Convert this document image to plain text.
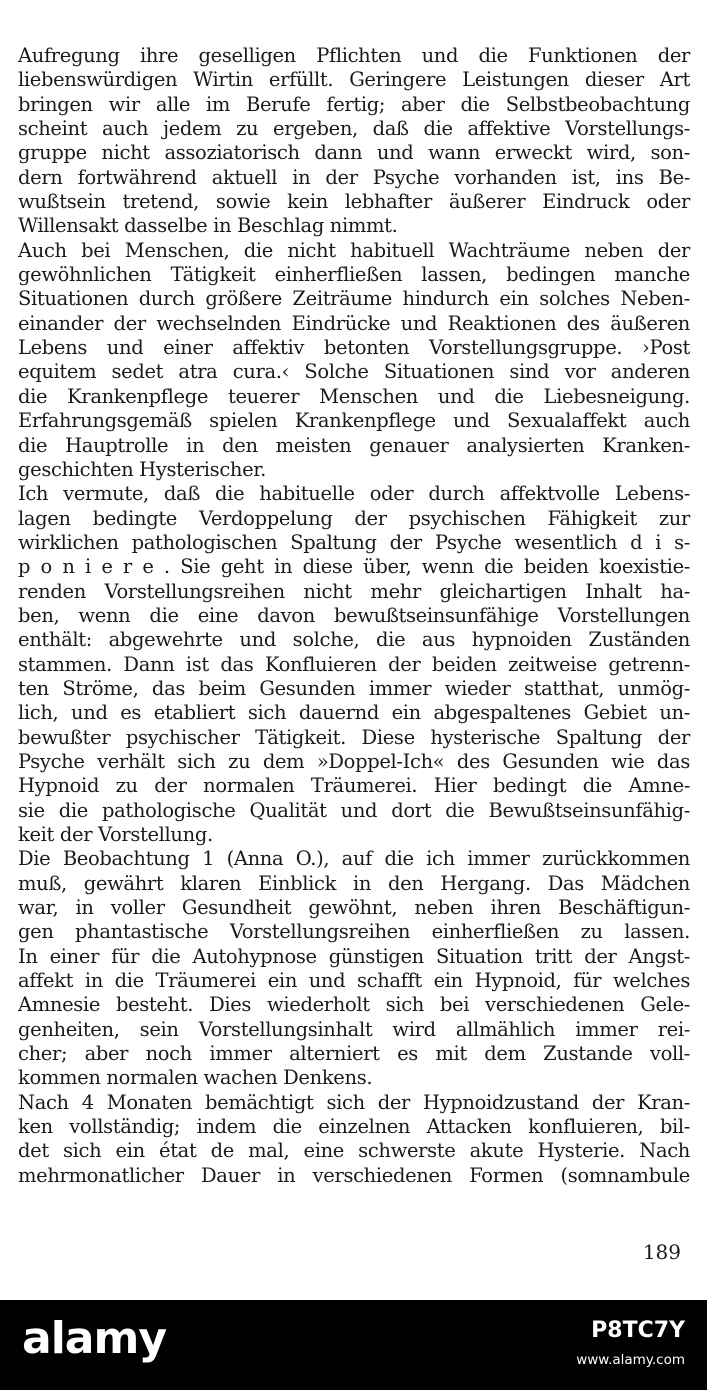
Aufregung ihre geselligen Pflichten und die Funktionen der
liebenswürdigen Wirtin erfüllt. Geringere Leistungen dieser Art
bringen wir alle im Berufe fertig; aber die Selbstbeobachtung
scheint auch jedem zu ergeben, daß die affektive Vorstellungs-
gruppe nicht assoziatorisch dann und wann erweckt wird, son-
dern fortwährend aktuell in der Psyche vorhanden ist, ins Be-
wußtsein tretend, sowie kein lebhafter äußerer Eindruck oder
Willensakt dasselbe in Beschlag nimmt.
Auch bei Menschen, die nicht habituell Wachträume neben der
gewöhnlichen Tätigkeit einherfließen lassen, bedingen manche
Situationen durch größere Zeiträume hindurch ein solches Neben-
einander der wechselnden Eindrücke und Reaktionen des äußeren
Lebens und einer affektiv betonten Vorstellungsgruppe. ›Post
equitem sedet atra cura.‹ Solche Situationen sind vor anderen
die Krankenpflege teuerer Menschen und die Liebesneigung.
Erfahrungsgemäß spielen Krankenpflege und Sexualaffekt auch
die Hauptrolle in den meisten genauer analysierten Kranken-
geschichten Hysterischer.
Ich vermute, daß die habituelle oder durch affektvolle Lebens-
lagen bedingte Verdoppelung der psychischen Fähigkeit zur
wirklichen pathologischen Spaltung der Psyche wesentlich d i s-
p o n i e r e . Sie geht in diese über, wenn die beiden koexistie-
renden Vorstellungsreihen nicht mehr gleichartigen Inhalt ha-
ben, wenn die eine davon bewußtseinsunfähige Vorstellungen
enthält: abgewehrte und solche, die aus hypnoiden Zuständen
stammen. Dann ist das Konfluieren der beiden zeitweise getrenn-
ten Ströme, das beim Gesunden immer wieder statthat, unmög-
lich, und es etabliert sich dauernd ein abgespaltenes Gebiet un-
bewußter psychischer Tätigkeit. Diese hysterische Spaltung der
Psyche verhält sich zu dem »Doppel-Ich« des Gesunden wie das
Hypnoid zu der normalen Träumerei. Hier bedingt die Amne-
sie die pathologische Qualität und dort die Bewußtseinsunfähig-
keit der Vorstellung.
Die Beobachtung 1 (Anna O.), auf die ich immer zurückkommen
muß, gewährt klaren Einblick in den Hergang. Das Mädchen
war, in voller Gesundheit gewöhnt, neben ihren Beschäftigun-
gen phantastische Vorstellungsreihen einherfließen zu lassen.
In einer für die Autohypnose günstigen Situation tritt der Angst-
affekt in die Träumerei ein und schafft ein Hypnoid, für welches
Amnesie besteht. Dies wiederholt sich bei verschiedenen Gele-
genheiten, sein Vorstellungsinhalt wird allmählich immer rei-
cher; aber noch immer alterniert es mit dem Zustande voll-
kommen normalen wachen Denkens.
Nach 4 Monaten bemächtigt sich der Hypnoidzustand der Kran-
ken vollständig; indem die einzelnen Attacken konfluieren, bil-
det sich ein état de mal, eine schwerste akute Hysterie. Nach
mehrmonatlicher Dauer in verschiedenen Formen (somnambule
189
alamy	P8TC7Y
www.alamy.com
